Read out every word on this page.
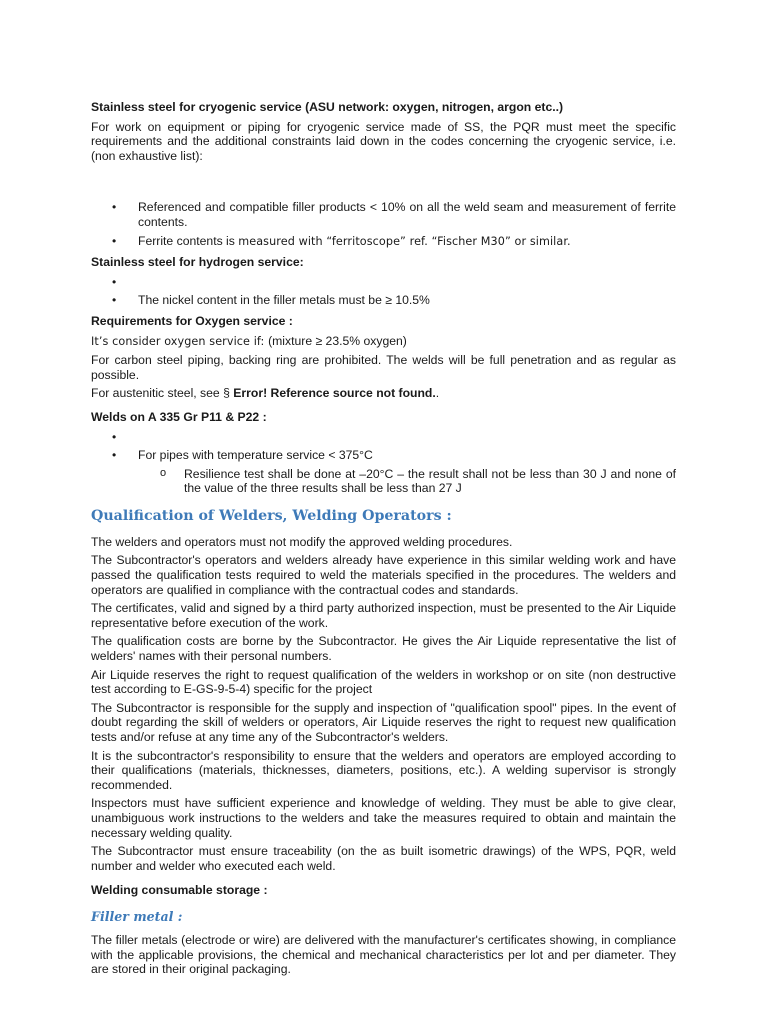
Stainless steel for cryogenic service (ASU network: oxygen, nitrogen, argon etc..)

For work on equipment or piping for cryogenic service made of SS, the PQR must meet the specific requirements and the additional constraints laid down in the codes concerning the cryogenic service, i.e. (non exhaustive list):

• Referenced and compatible filler products < 10% on all the weld seam and measurement of ferrite contents.
• Ferrite contents is measured with “ferritoscope” ref. “Fischer M30” or similar.

Stainless steel for hydrogen service:

•
• The nickel content in the filler metals must be ≥ 10.5%

Requirements for Oxygen service :

It’s consider oxygen service if: (mixture ≥ 23.5% oxygen)

For carbon steel piping, backing ring are prohibited. The welds will be full penetration and as regular as possible.

For austenitic steel, see § Error! Reference source not found..

Welds on A 335 Gr P11 & P22 :

•
• For pipes with temperature service < 375°C
o Resilience test shall be done at –20°C – the result shall not be less than 30 J and none of the value of the three results shall be less than 27 J
Qualification of Welders, Welding Operators :

The welders and operators must not modify the approved welding procedures.

The Subcontractor's operators and welders already have experience in this similar welding work and have passed the qualification tests required to weld the materials specified in the procedures. The welders and operators are qualified in compliance with the contractual codes and standards.

The certificates, valid and signed by a third party authorized inspection, must be presented to the Air Liquide representative before execution of the work.

The qualification costs are borne by the Subcontractor. He gives the Air Liquide representative the list of welders' names with their personal numbers.

Air Liquide reserves the right to request qualification of the welders in workshop or on site (non destructive test according to E-GS-9-5-4) specific for the project

The Subcontractor is responsible for the supply and inspection of "qualification spool" pipes. In the event of doubt regarding the skill of welders or operators, Air Liquide reserves the right to request new qualification tests and/or refuse at any time any of the Subcontractor's welders.

It is the subcontractor's responsibility to ensure that the welders and operators are employed according to their qualifications (materials, thicknesses, diameters, positions, etc.). A welding supervisor is strongly recommended.

Inspectors must have sufficient experience and knowledge of welding. They must be able to give clear, unambiguous work instructions to the welders and take the measures required to obtain and maintain the necessary welding quality.

The Subcontractor must ensure traceability (on the as built isometric drawings) of the WPS, PQR, weld number and welder who executed each weld.

Welding consumable storage :

Filler metal :

The filler metals (electrode or wire) are delivered with the manufacturer's certificates showing, in compliance with the applicable provisions, the chemical and mechanical characteristics per lot and per diameter. They are stored in their original packaging.
